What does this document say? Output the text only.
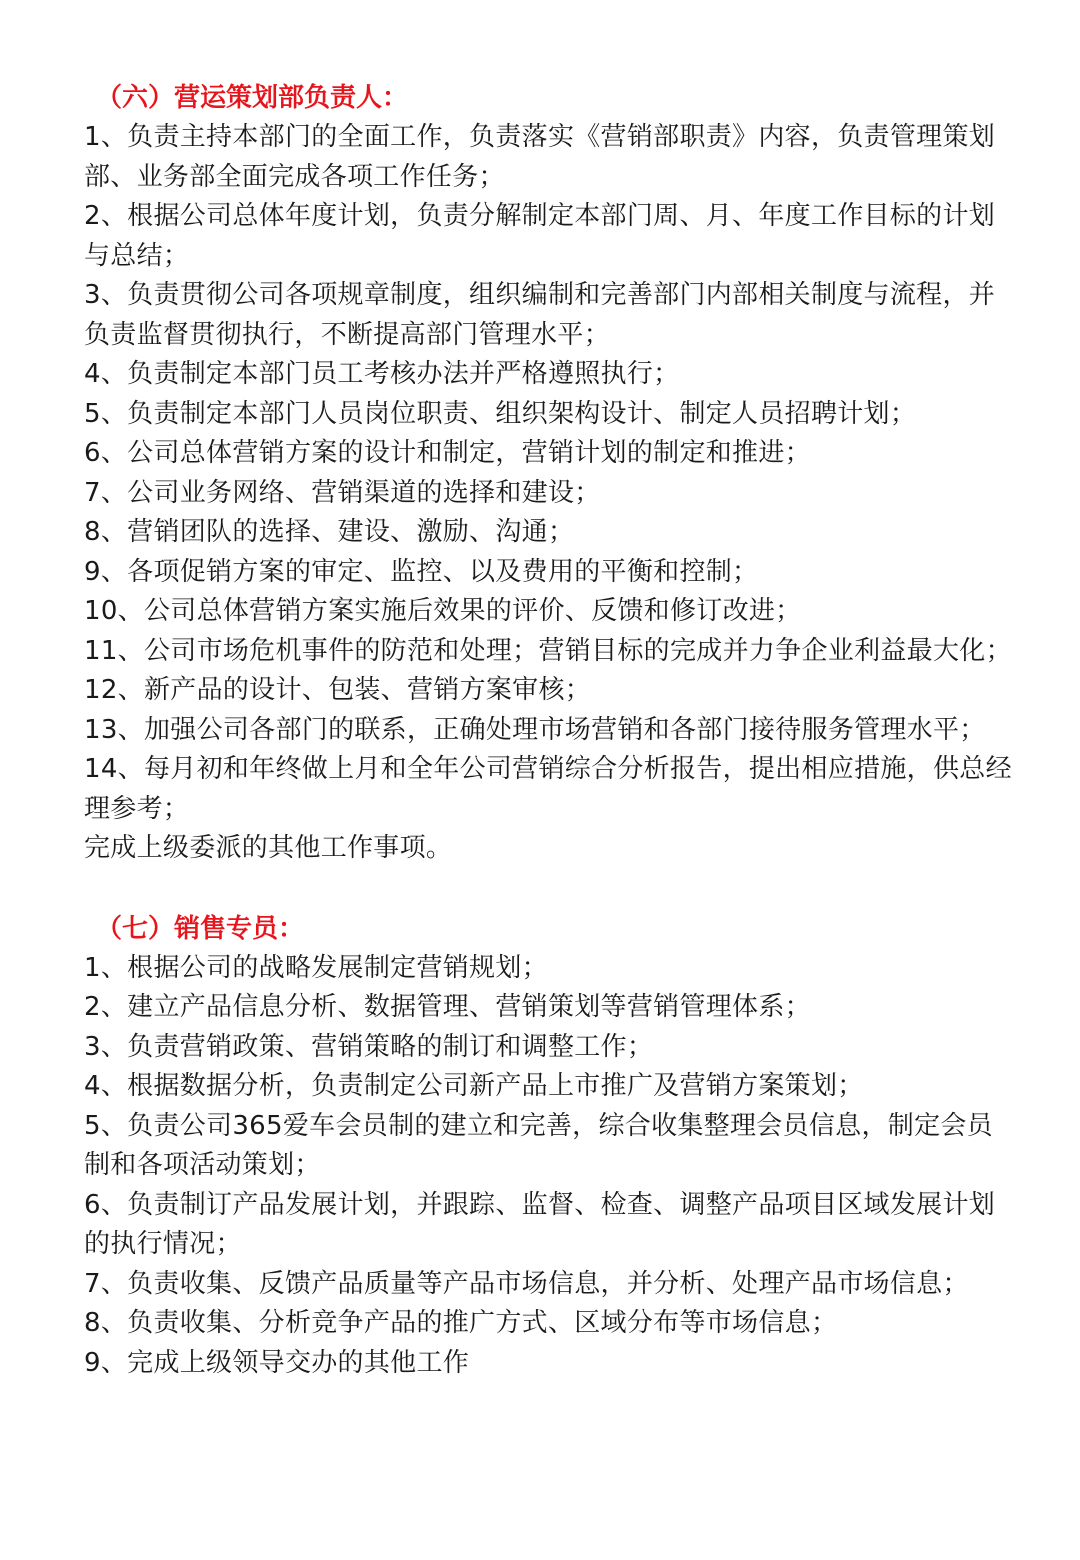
（六）营运策划部负责人：
1、负责主持本部门的全面工作，负责落实《营销部职责》内容，负责管理策划部、业务部全面完成各项工作任务；
2、根据公司总体年度计划，负责分解制定本部门周、月、年度工作目标的计划与总结；
3、负责贯彻公司各项规章制度，组织编制和完善部门内部相关制度与流程，并负责监督贯彻执行，不断提高部门管理水平；
4、负责制定本部门员工考核办法并严格遵照执行；
5、负责制定本部门人员岗位职责、组织架构设计、制定人员招聘计划；
6、公司总体营销方案的设计和制定，营销计划的制定和推进；
7、公司业务网络、营销渠道的选择和建设；
8、营销团队的选择、建设、激励、沟通；
9、各项促销方案的审定、监控、以及费用的平衡和控制；
10、公司总体营销方案实施后效果的评价、反馈和修订改进；
11、公司市场危机事件的防范和处理；营销目标的完成并力争企业利益最大化；
12、新产品的设计、包装、营销方案审核；
13、加强公司各部门的联系，正确处理市场营销和各部门接待服务管理水平；
14、每月初和年终做上月和全年公司营销综合分析报告，提出相应措施，供总经理参考；
完成上级委派的其他工作事项。
（七）销售专员：
1、根据公司的战略发展制定营销规划；
2、建立产品信息分析、数据管理、营销策划等营销管理体系；
3、负责营销政策、营销策略的制订和调整工作；
4、根据数据分析，负责制定公司新产品上市推广及营销方案策划；
5、负责公司365爱车会员制的建立和完善，综合收集整理会员信息，制定会员制和各项活动策划；
6、负责制订产品发展计划，并跟踪、监督、检查、调整产品项目区域发展计划的执行情况；
7、负责收集、反馈产品质量等产品市场信息，并分析、处理产品市场信息；
8、负责收集、分析竞争产品的推广方式、区域分布等市场信息；
9、完成上级领导交办的其他工作
